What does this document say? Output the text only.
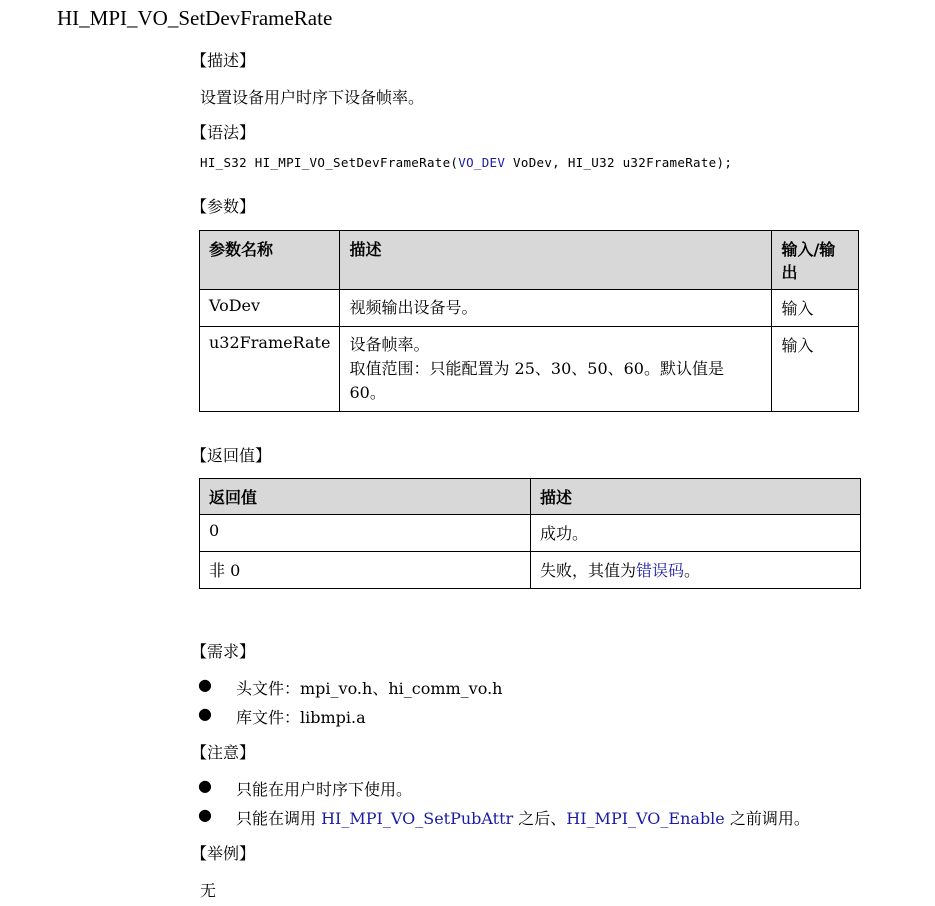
HI_MPI_VO_SetDevFrameRate
【描述】
设置设备用户时序下设备帧率。
【语法】
HI_S32 HI_MPI_VO_SetDevFrameRate(VO_DEV VoDev, HI_U32 u32FrameRate);
【参数】
参数名称	描述	输入/输出
VoDev	视频输出设备号。	输入
u32FrameRate	设备帧率。
取值范围：只能配置为 25、30、50、60。默认值是
60。	输入
【返回值】
返回值	描述
0	成功。
非 0	失败，其值为错误码。
【需求】
● 头文件：mpi_vo.h、hi_comm_vo.h
● 库文件：libmpi.a
【注意】
● 只能在用户时序下使用。
● 只能在调用 HI_MPI_VO_SetPubAttr 之后、HI_MPI_VO_Enable 之前调用。
【举例】
无
